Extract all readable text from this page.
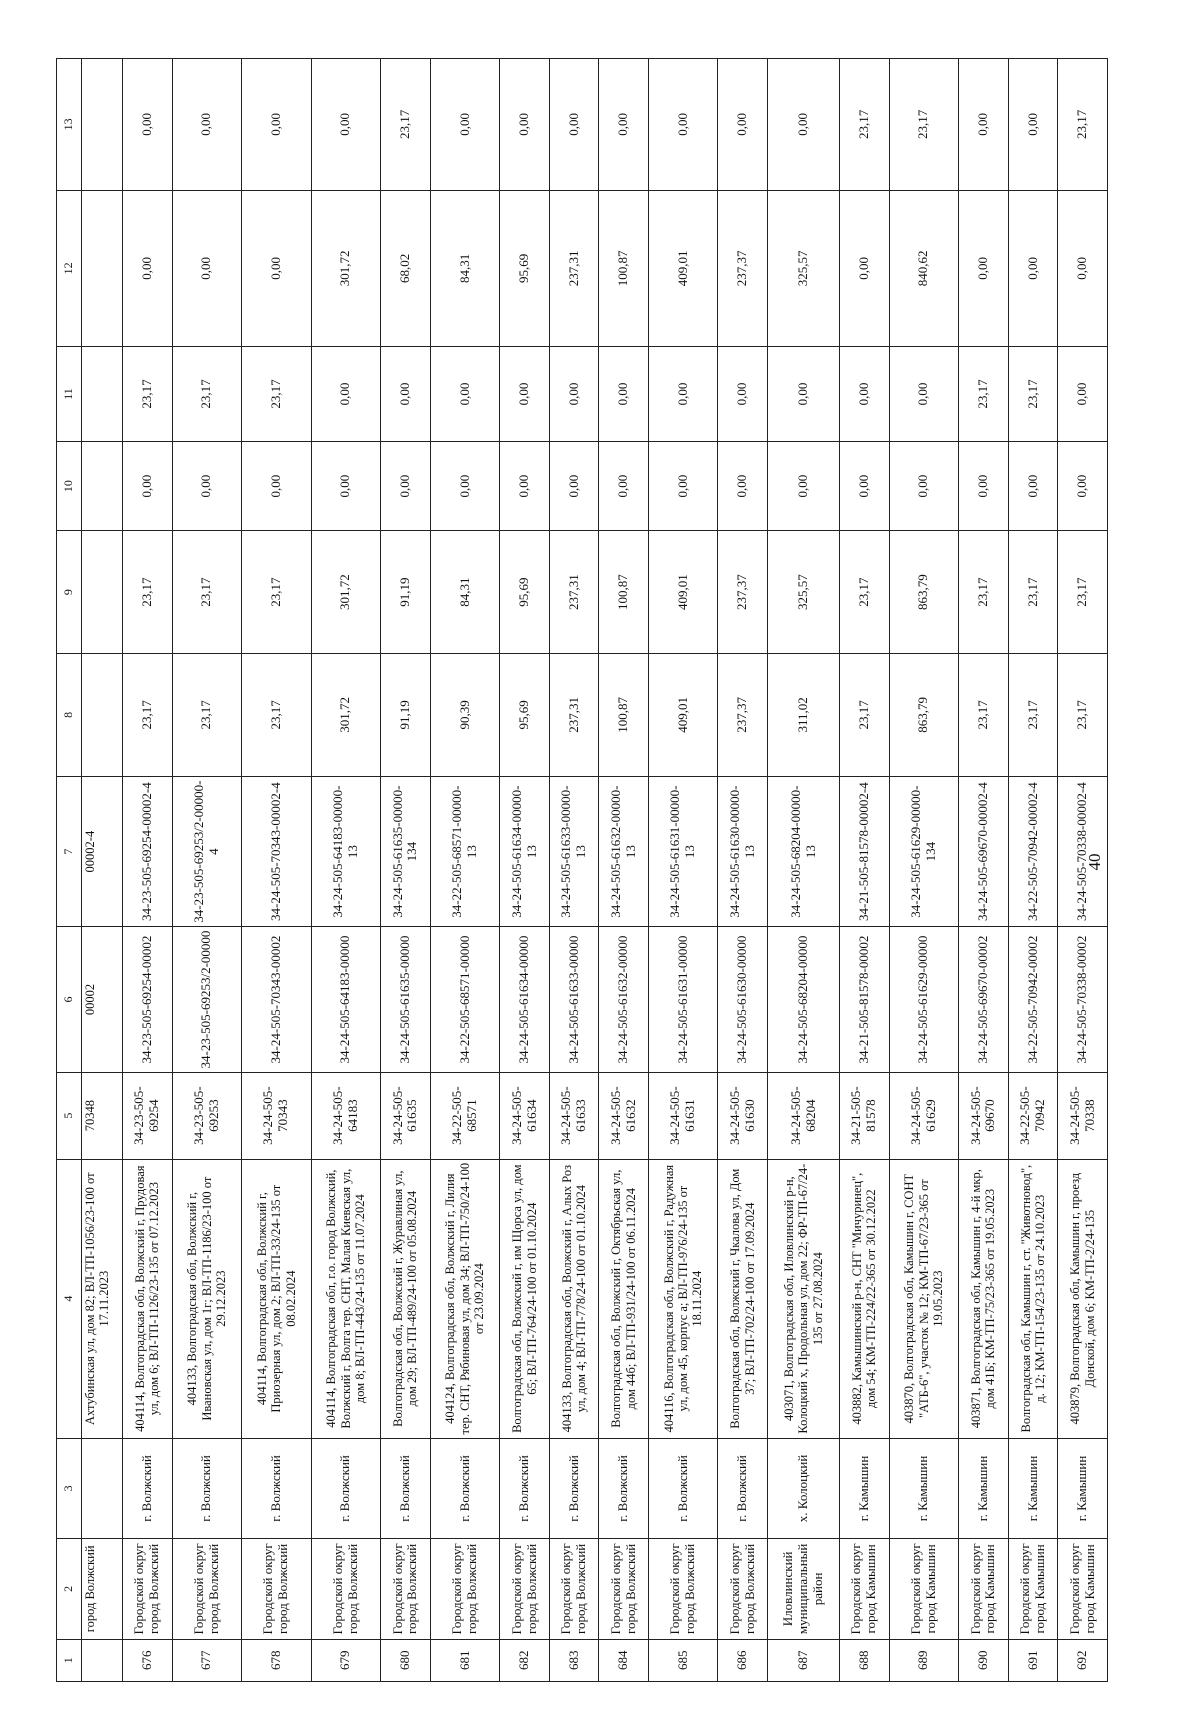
40
1	2	3	4	5	6	7	8	9	10	11	12	13
	город Волжский		Ахтубинская ул, дом 82; ВЛ-ТП-1056/23-100 от 17.11.2023	70348	00002	00002-4						
676	Городской округ город Волжский	г. Волжский	404114, Волгоградская обл, Волжский г, Прудовая ул, дом 6; ВЛ-ТП-1126/23-135 от 07.12.2023	34-23-505-69254	34-23-505-69254-00002	34-23-505-69254-00002-4	23,17	23,17	0,00	23,17	0,00	0,00
677	Городской округ город Волжский	г. Волжский	404133, Волгоградская обл, Волжский г, Ивановская ул, дом 1г; ВЛ-ТП-1186/23-100 от 29.12.2023	34-23-505-69253	34-23-505-69253/2-00000	34-23-505-69253/2-00000-4	23,17	23,17	0,00	23,17	0,00	0,00
678	Городской округ город Волжский	г. Волжский	404114, Волгоградская обл, Волжский г, Приозерная ул, дом 2; ВЛ-ТП-33/24-135 от 08.02.2024	34-24-505-70343	34-24-505-70343-00002	34-24-505-70343-00002-4	23,17	23,17	0,00	23,17	0,00	0,00
679	Городской округ город Волжский	г. Волжский	404114, Волгоградская обл, г.о. город Волжский, Волжский г, Волга тер. СНТ, Малая Киевская ул, дом 8; ВЛ-ТП-443/24-135 от 11.07.2024	34-24-505-64183	34-24-505-64183-00000	34-24-505-64183-00000-13	301,72	301,72	0,00	0,00	301,72	0,00
680	Городской округ город Волжский	г. Волжский	Волгоградская обл, Волжский г, Журавлиная ул, дом 29; ВЛ-ТП-489/24-100 от 05.08.2024	34-24-505-61635	34-24-505-61635-00000	34-24-505-61635-00000-134	91,19	91,19	0,00	0,00	68,02	23,17
681	Городской округ город Волжский	г. Волжский	404124, Волгоградская обл, Волжский г, Лилия тер. СНТ, Рябиновая ул, дом 34; ВЛ-ТП-750/24-100 от 23.09.2024	34-22-505-68571	34-22-505-68571-00000	34-22-505-68571-00000-13	90,39	84,31	0,00	0,00	84,31	0,00
682	Городской округ город Волжский	г. Волжский	Волгоградская обл, Волжский г, им Щорса ул, дом 65; ВЛ-ТП-764/24-100 от 01.10.2024	34-24-505-61634	34-24-505-61634-00000	34-24-505-61634-00000-13	95,69	95,69	0,00	0,00	95,69	0,00
683	Городской округ город Волжский	г. Волжский	404133, Волгоградская обл, Волжский г, Алых Роз ул, дом 4; ВЛ-ТП-778/24-100 от 01.10.2024	34-24-505-61633	34-24-505-61633-00000	34-24-505-61633-00000-13	237,31	237,31	0,00	0,00	237,31	0,00
684	Городской округ город Волжский	г. Волжский	Волгоградская обл, Волжский г, Октябрьская ул, дом 44б; ВЛ-ТП-931/24-100 от 06.11.2024	34-24-505-61632	34-24-505-61632-00000	34-24-505-61632-00000-13	100,87	100,87	0,00	0,00	100,87	0,00
685	Городской округ город Волжский	г. Волжский	404116, Волгоградская обл, Волжский г, Радужная ул, дом 45, корпус а; ВЛ-ТП-976/24-135 от 18.11.2024	34-24-505-61631	34-24-505-61631-00000	34-24-505-61631-00000-13	409,01	409,01	0,00	0,00	409,01	0,00
686	Городской округ город Волжский	г. Волжский	Волгоградская обл, Волжский г, Чкалова ул, Дом 37; ВЛ-ТП-702/24-100 от 17.09.2024	34-24-505-61630	34-24-505-61630-00000	34-24-505-61630-00000-13	237,37	237,37	0,00	0,00	237,37	0,00
687	Иловлинский муниципальный район	х. Колоцкий	403071, Волгоградская обл, Иловлинский р-н, Колоцкий х, Продольная ул, дом 22; ФР-ТП-67/24-135 от 27.08.2024	34-24-505-68204	34-24-505-68204-00000	34-24-505-68204-00000-13	311,02	325,57	0,00	0,00	325,57	0,00
688	Городской округ город Камышин	г. Камышин	403882, Камышинский р-н, СНТ "Мичуринец", дом 54; КМ-ТП-224/22-365 от 30.12.2022	34-21-505-81578	34-21-505-81578-00002	34-21-505-81578-00002-4	23,17	23,17	0,00	0,00	0,00	23,17
689	Городской округ город Камышин	г. Камышин	403870, Волгоградская обл, Камышин г, СОНТ "АТБ-6", участок № 12; КМ-ТП-67/23-365 от 19.05.2023	34-24-505-61629	34-24-505-61629-00000	34-24-505-61629-00000-134	863,79	863,79	0,00	0,00	840,62	23,17
690	Городской округ город Камышин	г. Камышин	403871, Волгоградская обл, Камышин г, 4-й мкр, дом 41Б; КМ-ТП-75/23-365 от 19.05.2023	34-24-505-69670	34-24-505-69670-00002	34-24-505-69670-00002-4	23,17	23,17	0,00	23,17	0,00	0,00
691	Городской округ город Камышин	г. Камышин	Волгоградская обл, Камышин г, ст. "Животновод", д. 12; КМ-ТП-154/23-135 от 24.10.2023	34-22-505-70942	34-22-505-70942-00002	34-22-505-70942-00002-4	23,17	23,17	0,00	23,17	0,00	0,00
692	Городской округ город Камышин	г. Камышин	403879, Волгоградская обл, Камышин г, проезд Донской, дом 6; КМ-ТП-2/24-135	34-24-505-70338	34-24-505-70338-00002	34-24-505-70338-00002-4	23,17	23,17	0,00	0,00	0,00	23,17
